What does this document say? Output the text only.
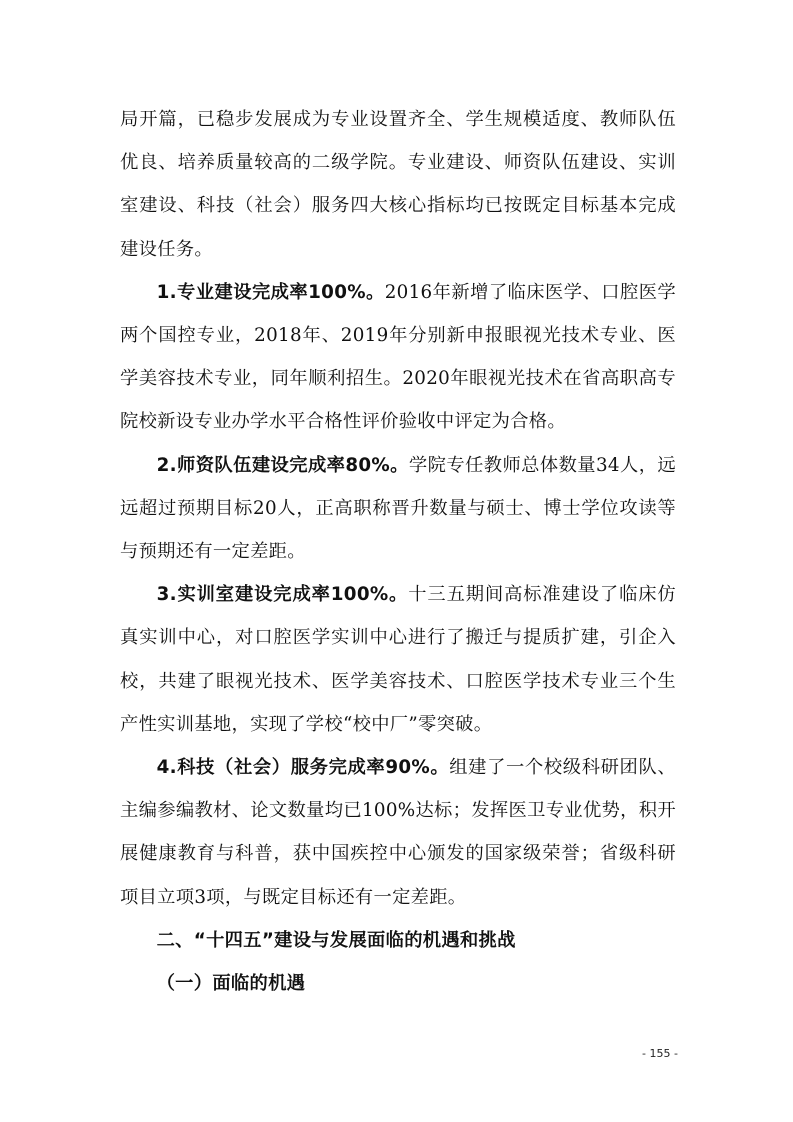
局开篇，已稳步发展成为专业设置齐全、学生规模适度、教师队伍优良、培养质量较高的二级学院。专业建设、师资队伍建设、实训室建设、科技（社会）服务四大核心指标均已按既定目标基本完成建设任务。

1.专业建设完成率100%。2016年新增了临床医学、口腔医学两个国控专业，2018年、2019年分别新申报眼视光技术专业、医学美容技术专业，同年顺利招生。2020年眼视光技术在省高职高专院校新设专业办学水平合格性评价验收中评定为合格。

2.师资队伍建设完成率80%。学院专任教师总体数量34人，远远超过预期目标20人，正高职称晋升数量与硕士、博士学位攻读等与预期还有一定差距。

3.实训室建设完成率100%。十三五期间高标准建设了临床仿真实训中心，对口腔医学实训中心进行了搬迁与提质扩建，引企入校，共建了眼视光技术、医学美容技术、口腔医学技术专业三个生产性实训基地，实现了学校“校中厂”零突破。

4.科技（社会）服务完成率90%。组建了一个校级科研团队、主编参编教材、论文数量均已100%达标；发挥医卫专业优势，积开展健康教育与科普，获中国疾控中心颁发的国家级荣誉；省级科研项目立项3项，与既定目标还有一定差距。

二、“十四五”建设与发展面临的机遇和挑战

（一）面临的机遇

- 155 -
